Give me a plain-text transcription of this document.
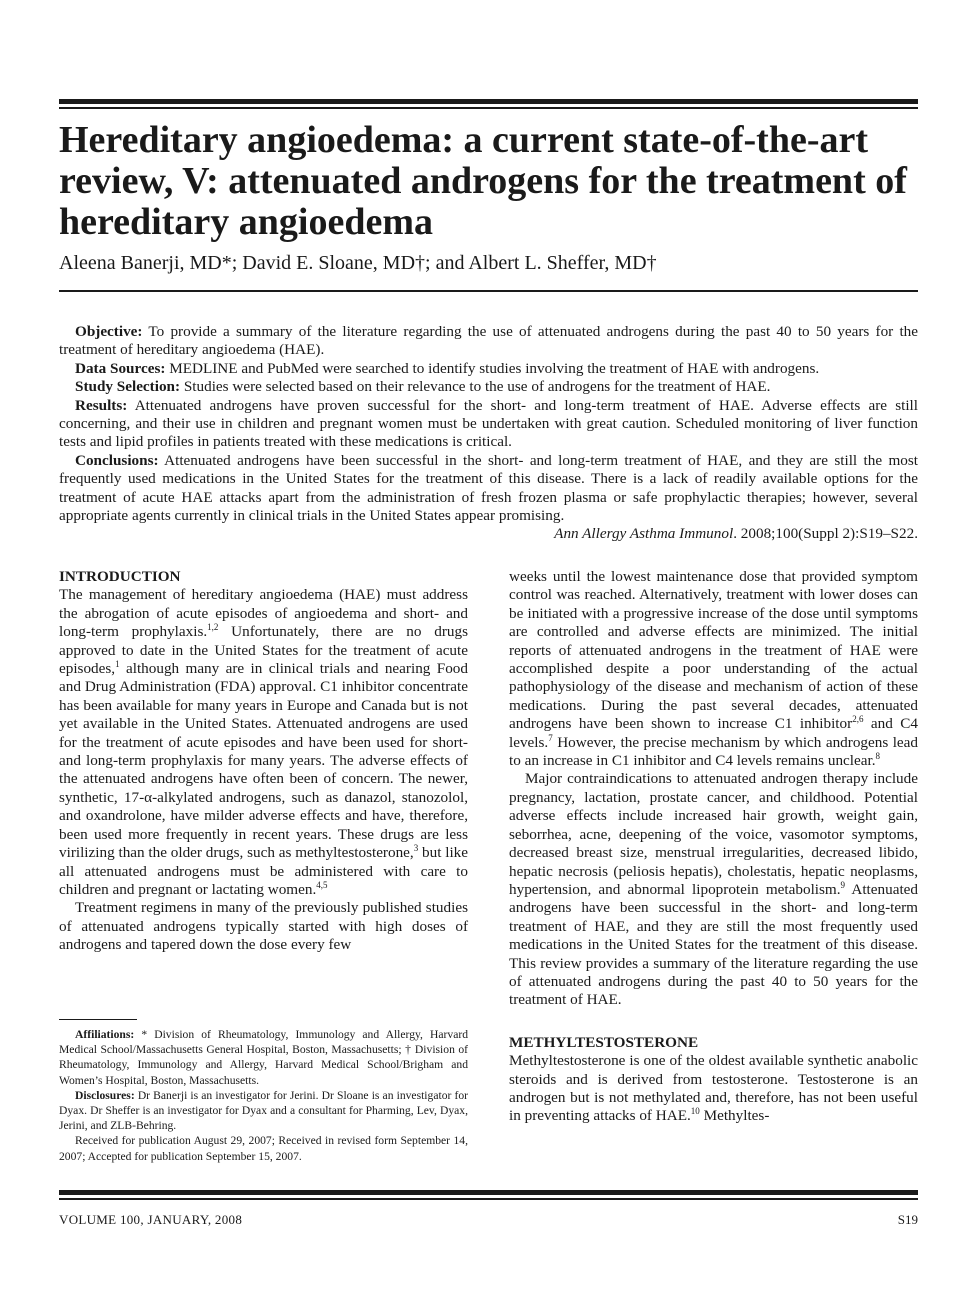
Hereditary angioedema: a current state-of-the-art review, V: attenuated androgens for the treatment of hereditary angioedema

Aleena Banerji, MD*; David E. Sloane, MD†; and Albert L. Sheffer, MD†

Objective: To provide a summary of the literature regarding the use of attenuated androgens during the past 40 to 50 years for the treatment of hereditary angioedema (HAE).

Data Sources: MEDLINE and PubMed were searched to identify studies involving the treatment of HAE with androgens.

Study Selection: Studies were selected based on their relevance to the use of androgens for the treatment of HAE.

Results: Attenuated androgens have proven successful for the short- and long-term treatment of HAE. Adverse effects are still concerning, and their use in children and pregnant women must be undertaken with great caution. Scheduled monitoring of liver function tests and lipid profiles in patients treated with these medications is critical.

Conclusions: Attenuated androgens have been successful in the short- and long-term treatment of HAE, and they are still the most frequently used medications in the United States for the treatment of this disease. There is a lack of readily available options for the treatment of acute HAE attacks apart from the administration of fresh frozen plasma or safe prophylactic therapies; however, several appropriate agents currently in clinical trials in the United States appear promising.

Ann Allergy Asthma Immunol. 2008;100(Suppl 2):S19–S22.

INTRODUCTION

The management of hereditary angioedema (HAE) must address the abrogation of acute episodes of angioedema and short- and long-term prophylaxis.$^{1,2}$ Unfortunately, there are no drugs approved to date in the United States for the treatment of acute episodes,$^1$ although many are in clinical trials and nearing Food and Drug Administration (FDA) approval. C1 inhibitor concentrate has been available for many years in Europe and Canada but is not yet available in the United States. Attenuated androgens are used for the treatment of acute episodes and have been used for short- and long-term prophylaxis for many years. The adverse effects of the attenuated androgens have often been of concern. The newer, synthetic, 17-α-alkylated androgens, such as danazol, stanozolol, and oxandrolone, have milder adverse effects and have, therefore, been used more frequently in recent years. These drugs are less virilizing than the older drugs, such as methyltestosterone,$^3$ but like all attenuated androgens must be administered with care to children and pregnant or lactating women.$^{4,5}$

Treatment regimens in many of the previously published studies of attenuated androgens typically started with high doses of androgens and tapered down the dose every few

weeks until the lowest maintenance dose that provided symptom control was reached. Alternatively, treatment with lower doses can be initiated with a progressive increase of the dose until symptoms are controlled and adverse effects are minimized. The initial reports of attenuated androgens in the treatment of HAE were accomplished despite a poor understanding of the actual pathophysiology of the disease and mechanism of action of these medications. During the past several decades, attenuated androgens have been shown to increase C1 inhibitor$^{2,6}$ and C4 levels.$^7$ However, the precise mechanism by which androgens lead to an increase in C1 inhibitor and C4 levels remains unclear.$^8$

Major contraindications to attenuated androgen therapy include pregnancy, lactation, prostate cancer, and childhood. Potential adverse effects include increased hair growth, weight gain, seborrhea, acne, deepening of the voice, vasomotor symptoms, decreased breast size, menstrual irregularities, decreased libido, hepatic necrosis (peliosis hepatis), cholestatis, hepatic neoplasms, hypertension, and abnormal lipoprotein metabolism.$^9$ Attenuated androgens have been successful in the short- and long-term treatment of HAE, and they are still the most frequently used medications in the United States for the treatment of this disease. This review provides a summary of the literature regarding the use of attenuated androgens during the past 40 to 50 years for the treatment of HAE.

METHYLTESTOSTERONE

Methyltestosterone is one of the oldest available synthetic anabolic steroids and is derived from testosterone. Testosterone is an androgen but is not methylated and, therefore, has not been useful in preventing attacks of HAE.$^{10}$ Methyltes-

Affiliations: * Division of Rheumatology, Immunology and Allergy, Harvard Medical School/Massachusetts General Hospital, Boston, Massachusetts; † Division of Rheumatology, Immunology and Allergy, Harvard Medical School/Brigham and Women’s Hospital, Boston, Massachusetts.

Disclosures: Dr Banerji is an investigator for Jerini. Dr Sloane is an investigator for Dyax. Dr Sheffer is an investigator for Dyax and a consultant for Pharming, Lev, Dyax, Jerini, and ZLB-Behring.

Received for publication August 29, 2007; Received in revised form September 14, 2007; Accepted for publication September 15, 2007.

VOLUME 100, JANUARY, 2008	S19
